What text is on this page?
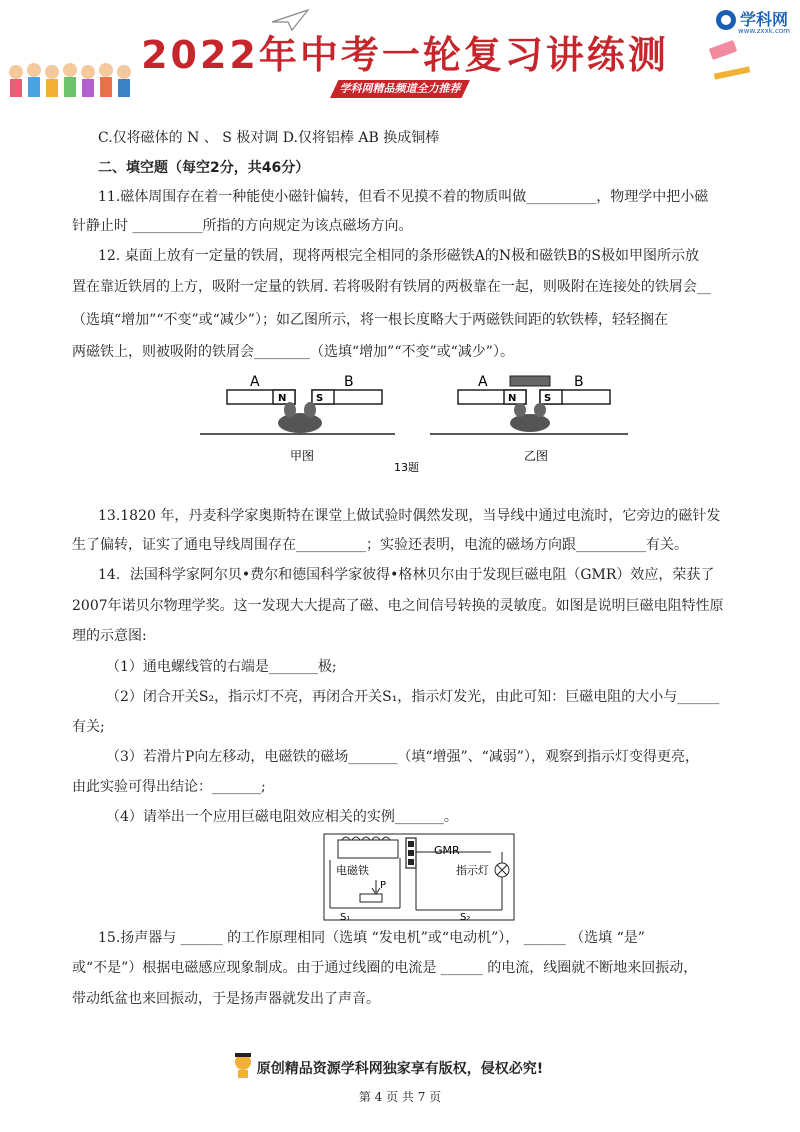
2022年中考一轮复习讲练测
学科网精品频道全力推荐
学科网
www.zxxk.com
C.仅将磁体的 N 、 S 极对调 D.仅将铝棒 AB 换成铜棒
二、填空题（每空2分，共46分）
11.磁体周围存在着一种能使小磁针偏转，但看不见摸不着的物质叫做__________，物理学中把小磁
针静止时 __________所指的方向规定为该点磁场方向。
12. 桌面上放有一定量的铁屑，现将两根完全相同的条形磁铁A的N极和磁铁B的S极如甲图所示放
置在靠近铁屑的上方，吸附一定量的铁屑. 若将吸附有铁屑的两极靠在一起，则吸附在连接处的铁屑会__
（选填“增加”“不变”或“减少”）；如乙图所示，将一根长度略大于两磁铁间距的软铁棒，轻轻搁在
两磁铁上，则被吸附的铁屑会________（选填“增加”“不变”或“减少”）。
A	B
N	S
A	B
N	S
甲图	乙图
13题
13.1820 年，丹麦科学家奥斯特在课堂上做试验时偶然发现，当导线中通过电流时，它旁边的磁针发
生了偏转，证实了通电导线周围存在__________；实验还表明，电流的磁场方向跟__________有关。
14．法国科学家阿尔贝•费尔和德国科学家彼得•格林贝尔由于发现巨磁电阻（GMR）效应，荣获了
2007年诺贝尔物理学奖。这一发现大大提高了磁、电之间信号转换的灵敏度。如图是说明巨磁电阻特性原
理的示意图:
（1）通电螺线管的右端是_______极;
（2）闭合开关S₂，指示灯不亮，再闭合开关S₁，指示灯发光，由此可知：巨磁电阻的大小与______
有关;
（3）若滑片P向左移动，电磁铁的磁场_______（填“增强”、“减弱”），观察到指示灯变得更亮，
由此实验可得出结论：_______;
（4）请举出一个应用巨磁电阻效应相关的实例_______。
GMR
电磁铁	指示灯
P
S₁	S₂
15.扬声器与 ______ 的工作原理相同（选填 “发电机”或“电动机”）， ______ （选填 “是”
或“不是”）根据电磁感应现象制成。由于通过线圈的电流是 ______ 的电流，线圈就不断地来回振动，
带动纸盆也来回振动，于是扬声器就发出了声音。
原创精品资源学科网独家享有版权，侵权必究!
第 4 页 共 7 页
